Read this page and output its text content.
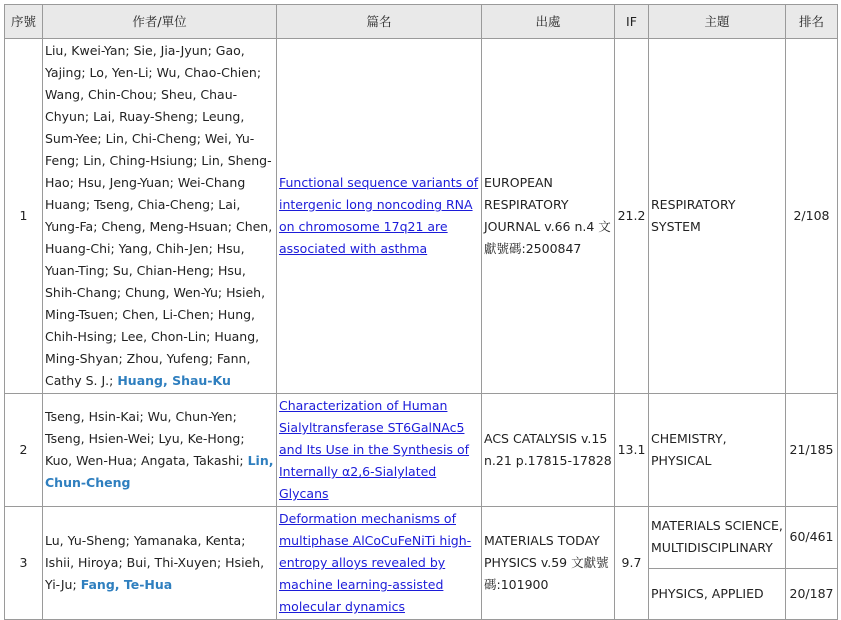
序號	作者/單位	篇名	出處	IF	主題	排名
1	Liu, Kwei-Yan; Sie, Jia-Jyun; Gao, Yajing; Lo, Yen-Li; Wu, Chao-Chien; Wang, Chin-Chou; Sheu, Chau-Chyun; Lai, Ruay-Sheng; Leung, Sum-Yee; Lin, Chi-Cheng; Wei, Yu-Feng; Lin, Ching-Hsiung; Lin, Sheng-Hao; Hsu, Jeng-Yuan; Wei-Chang Huang; Tseng, Chia-Cheng; Lai, Yung-Fa; Cheng, Meng-Hsuan; Chen, Huang-Chi; Yang, Chih-Jen; Hsu, Yuan-Ting; Su, Chian-Heng; Hsu, Shih-Chang; Chung, Wen-Yu; Hsieh, Ming-Tsuen; Chen, Li-Chen; Hung, Chih-Hsing; Lee, Chon-Lin; Huang, Ming-Shyan; Zhou, Yufeng; Fann, Cathy S. J.; Huang, Shau-Ku	Functional sequence variants of intergenic long noncoding RNA on chromosome 17q21 are associated with asthma	EUROPEAN RESPIRATORY JOURNAL v.66 n.4 文獻號碼:2500847	21.2	RESPIRATORY SYSTEM	2/108
2	Tseng, Hsin-Kai; Wu, Chun-Yen; Tseng, Hsien-Wei; Lyu, Ke-Hong; Kuo, Wen-Hua; Angata, Takashi; Lin, Chun-Cheng	Characterization of Human Sialyltransferase ST6GalNAc5 and Its Use in the Synthesis of Internally α2,6-Sialylated Glycans	ACS CATALYSIS v.15 n.21 p.17815-17828	13.1	CHEMISTRY, PHYSICAL	21/185
3	Lu, Yu-Sheng; Yamanaka, Kenta; Ishii, Hiroya; Bui, Thi-Xuyen; Hsieh, Yi-Ju; Fang, Te-Hua	Deformation mechanisms of multiphase AlCoCuFeNiTi high-entropy alloys revealed by machine learning-assisted molecular dynamics	MATERIALS TODAY PHYSICS v.59 文獻號碼:101900	9.7	MATERIALS SCIENCE, MULTIDISCIPLINARY	60/461
					PHYSICS, APPLIED	20/187
